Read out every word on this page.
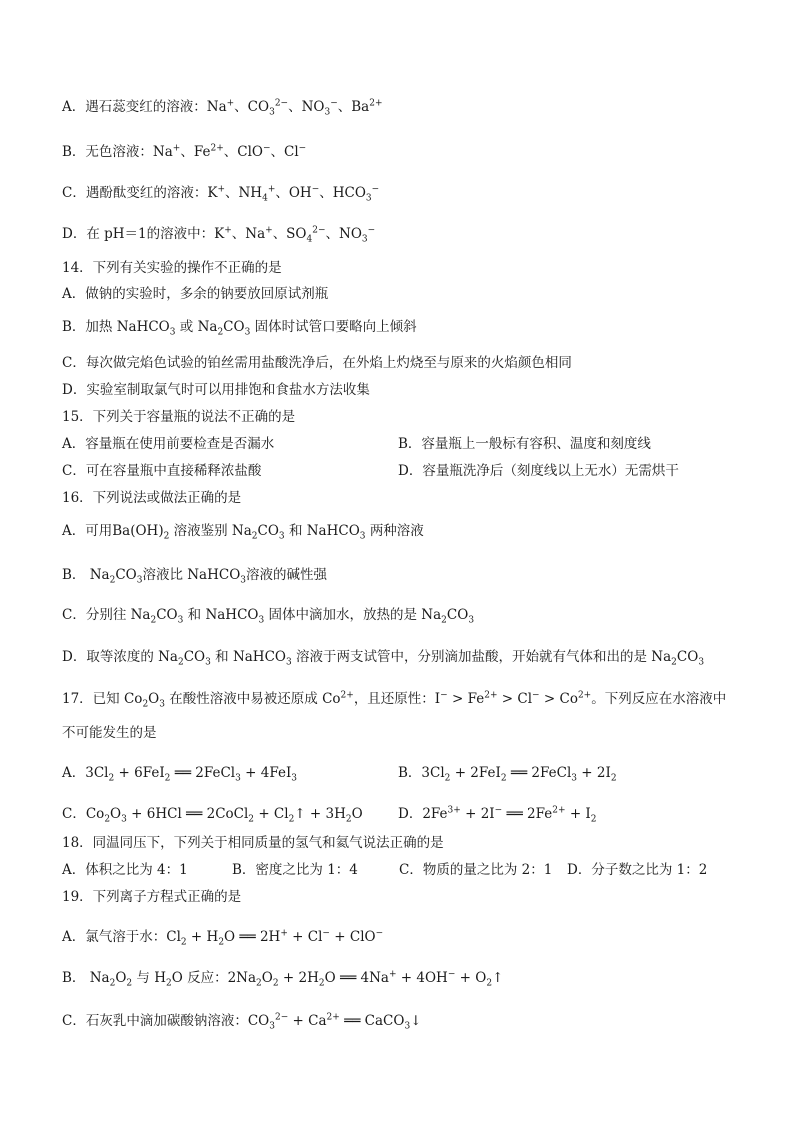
A．遇石蕊变红的溶液：Na+、$CO_3^{2-}$、$NO_3^-$、$Ba^{2+}$
B．无色溶液：Na+、$Fe^{2+}$、ClO−、Cl−
C．遇酚酞变红的溶液：K+、$NH_4^+$、OH−、$HCO_3^-$
D．在 pH＝1的溶液中：K+、Na+、$SO_4^{2-}$、$NO_3^-$
14．下列有关实验的操作不正确的是
A．做钠的实验时，多余的钠要放回原试剂瓶
B．加热 NaHCO$_3$ 或 $Na_2CO_3$ 固体时试管口要略向上倾斜
C．每次做完焰色试验的铂丝需用盐酸洗净后，在外焰上灼烧至与原来的火焰颜色相同
D．实验室制取氯气时可以用排饱和食盐水方法收集
15．下列关于容量瓶的说法不正确的是
A．容量瓶在使用前要检查是否漏水	B．容量瓶上一般标有容积、温度和刻度线
C．可在容量瓶中直接稀释浓盐酸	D．容量瓶洗净后（刻度线以上无水）无需烘干
16．下列说法或做法正确的是
A．可用$Ba(OH)_2$ 溶液鉴别 $Na_2CO_3$ 和 NaHCO$_3$ 两种溶液
B． $Na_2CO_3$溶液比 NaHCO$_3$溶液的碱性强
C．分别往 $Na_2CO_3$ 和 NaHCO$_3$ 固体中滴加水，放热的是 $Na_2CO_3$
D．取等浓度的 $Na_2CO_3$ 和 NaHCO$_3$ 溶液于两支试管中，分别滴加盐酸，开始就有气体和出的是 $Na_2CO_3$
17．已知 $Co_2O_3$ 在酸性溶液中易被还原成 $Co^{2+}$，且还原性：$I^- > Fe^{2+} > Cl^- > Co^{2+}$。下列反应在水溶液中
不可能发生的是
A．$3Cl_2 + 6FeI_2$ ══ 2FeCl$_3$ + 4FeI$_3$	B．$3Cl_2 + 2FeI_2$ ══ 2FeCl$_3$ + $2I_2$
C．$Co_2O_3 + 6HCl$ ══ 2CoCl$_2$ + $Cl_2↑ + 3H_2O$	D．$2Fe^{3+} + 2I^-$ ══ $2Fe^{2+} + I_2$
18．同温同压下，下列关于相同质量的氢气和氦气说法正确的是
A．体积之比为 4：1	B．密度之比为 1：4	C．物质的量之比为 2：1 D．分子数之比为 1：2
19．下列离子方程式正确的是
A．氯气溶于水：$Cl_2 + H_2O$ ══ 2H+ + Cl− + ClO−
B． $Na_2O_2$ 与 $H_2O$ 反应：$2Na_2O_2 + 2H_2O$ ══ $4Na^+ + 4OH^- + O_2↑$
C．石灰乳中滴加碳酸钠溶液：$CO_3^{2-} + Ca^{2+}$ ══ CaCO$_3$↓
